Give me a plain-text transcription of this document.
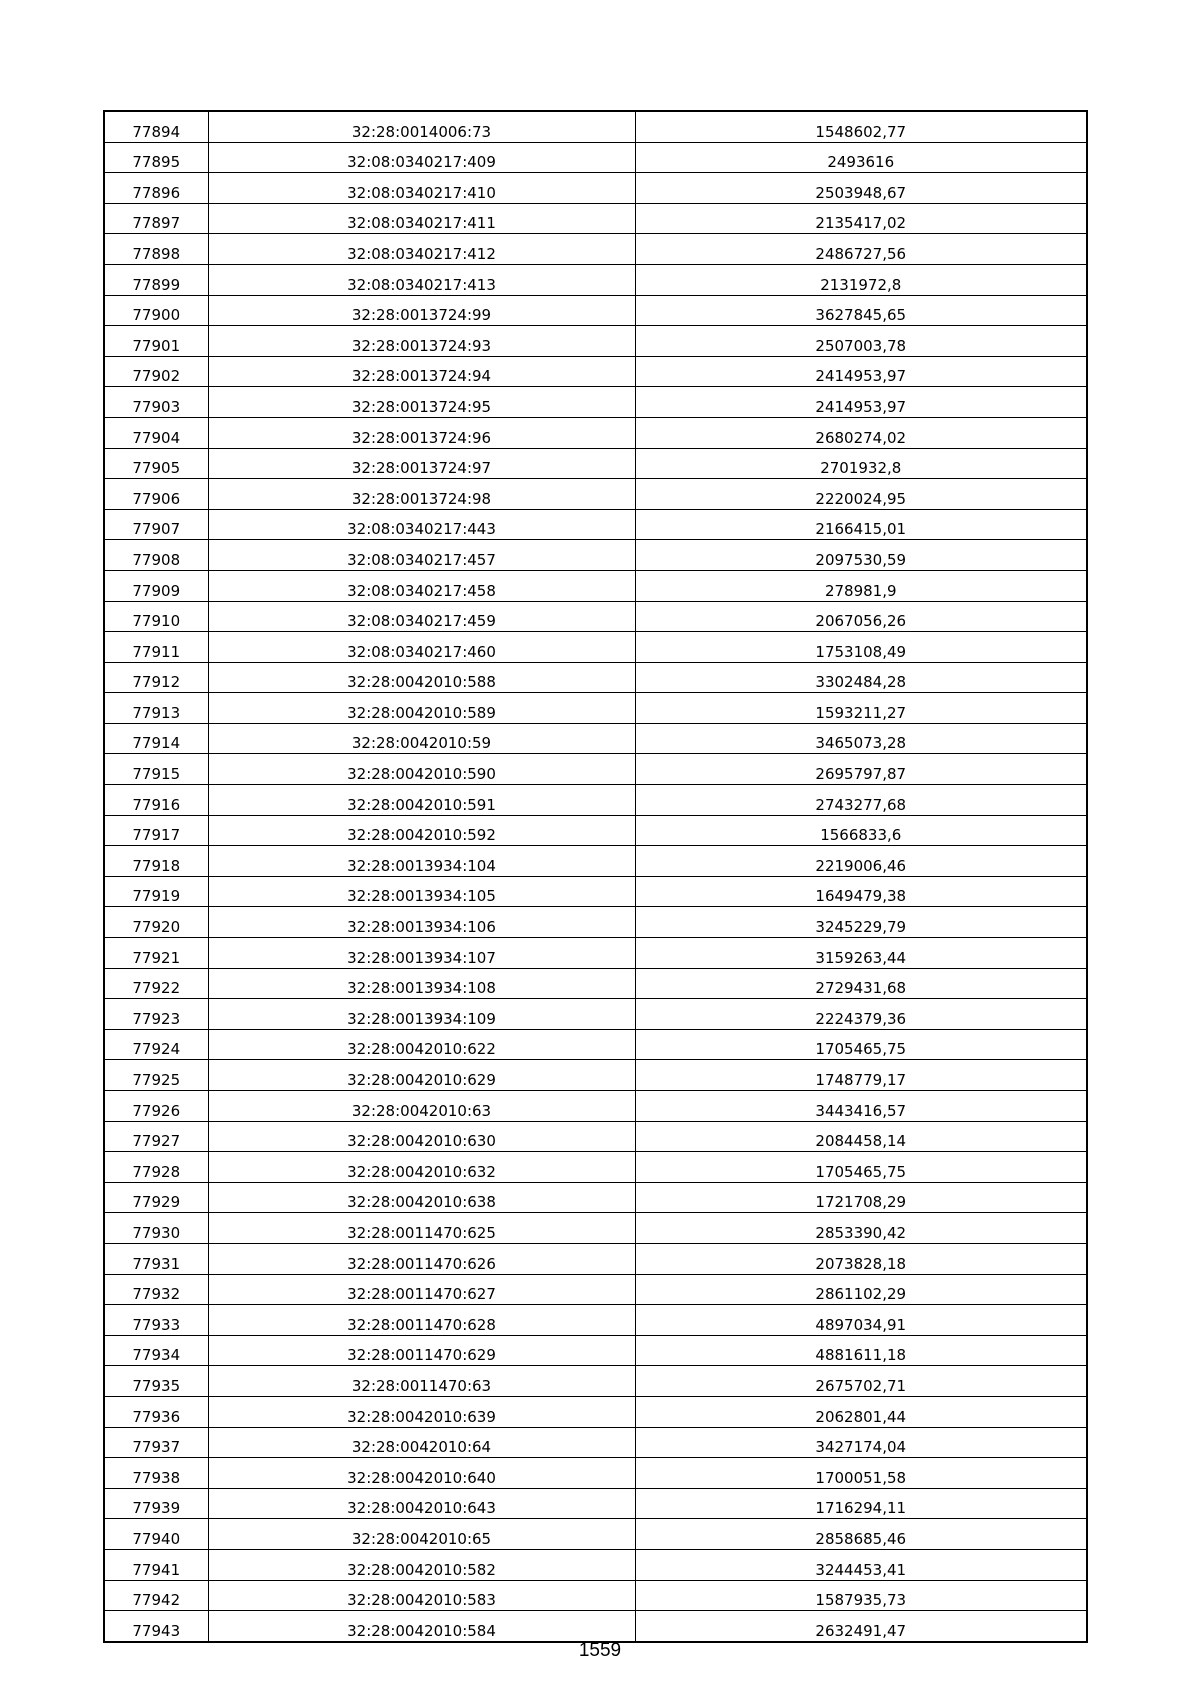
77894	32:28:0014006:73	1548602,77
77895	32:08:0340217:409	2493616
77896	32:08:0340217:410	2503948,67
77897	32:08:0340217:411	2135417,02
77898	32:08:0340217:412	2486727,56
77899	32:08:0340217:413	2131972,8
77900	32:28:0013724:99	3627845,65
77901	32:28:0013724:93	2507003,78
77902	32:28:0013724:94	2414953,97
77903	32:28:0013724:95	2414953,97
77904	32:28:0013724:96	2680274,02
77905	32:28:0013724:97	2701932,8
77906	32:28:0013724:98	2220024,95
77907	32:08:0340217:443	2166415,01
77908	32:08:0340217:457	2097530,59
77909	32:08:0340217:458	278981,9
77910	32:08:0340217:459	2067056,26
77911	32:08:0340217:460	1753108,49
77912	32:28:0042010:588	3302484,28
77913	32:28:0042010:589	1593211,27
77914	32:28:0042010:59	3465073,28
77915	32:28:0042010:590	2695797,87
77916	32:28:0042010:591	2743277,68
77917	32:28:0042010:592	1566833,6
77918	32:28:0013934:104	2219006,46
77919	32:28:0013934:105	1649479,38
77920	32:28:0013934:106	3245229,79
77921	32:28:0013934:107	3159263,44
77922	32:28:0013934:108	2729431,68
77923	32:28:0013934:109	2224379,36
77924	32:28:0042010:622	1705465,75
77925	32:28:0042010:629	1748779,17
77926	32:28:0042010:63	3443416,57
77927	32:28:0042010:630	2084458,14
77928	32:28:0042010:632	1705465,75
77929	32:28:0042010:638	1721708,29
77930	32:28:0011470:625	2853390,42
77931	32:28:0011470:626	2073828,18
77932	32:28:0011470:627	2861102,29
77933	32:28:0011470:628	4897034,91
77934	32:28:0011470:629	4881611,18
77935	32:28:0011470:63	2675702,71
77936	32:28:0042010:639	2062801,44
77937	32:28:0042010:64	3427174,04
77938	32:28:0042010:640	1700051,58
77939	32:28:0042010:643	1716294,11
77940	32:28:0042010:65	2858685,46
77941	32:28:0042010:582	3244453,41
77942	32:28:0042010:583	1587935,73
77943	32:28:0042010:584	2632491,47
1559
